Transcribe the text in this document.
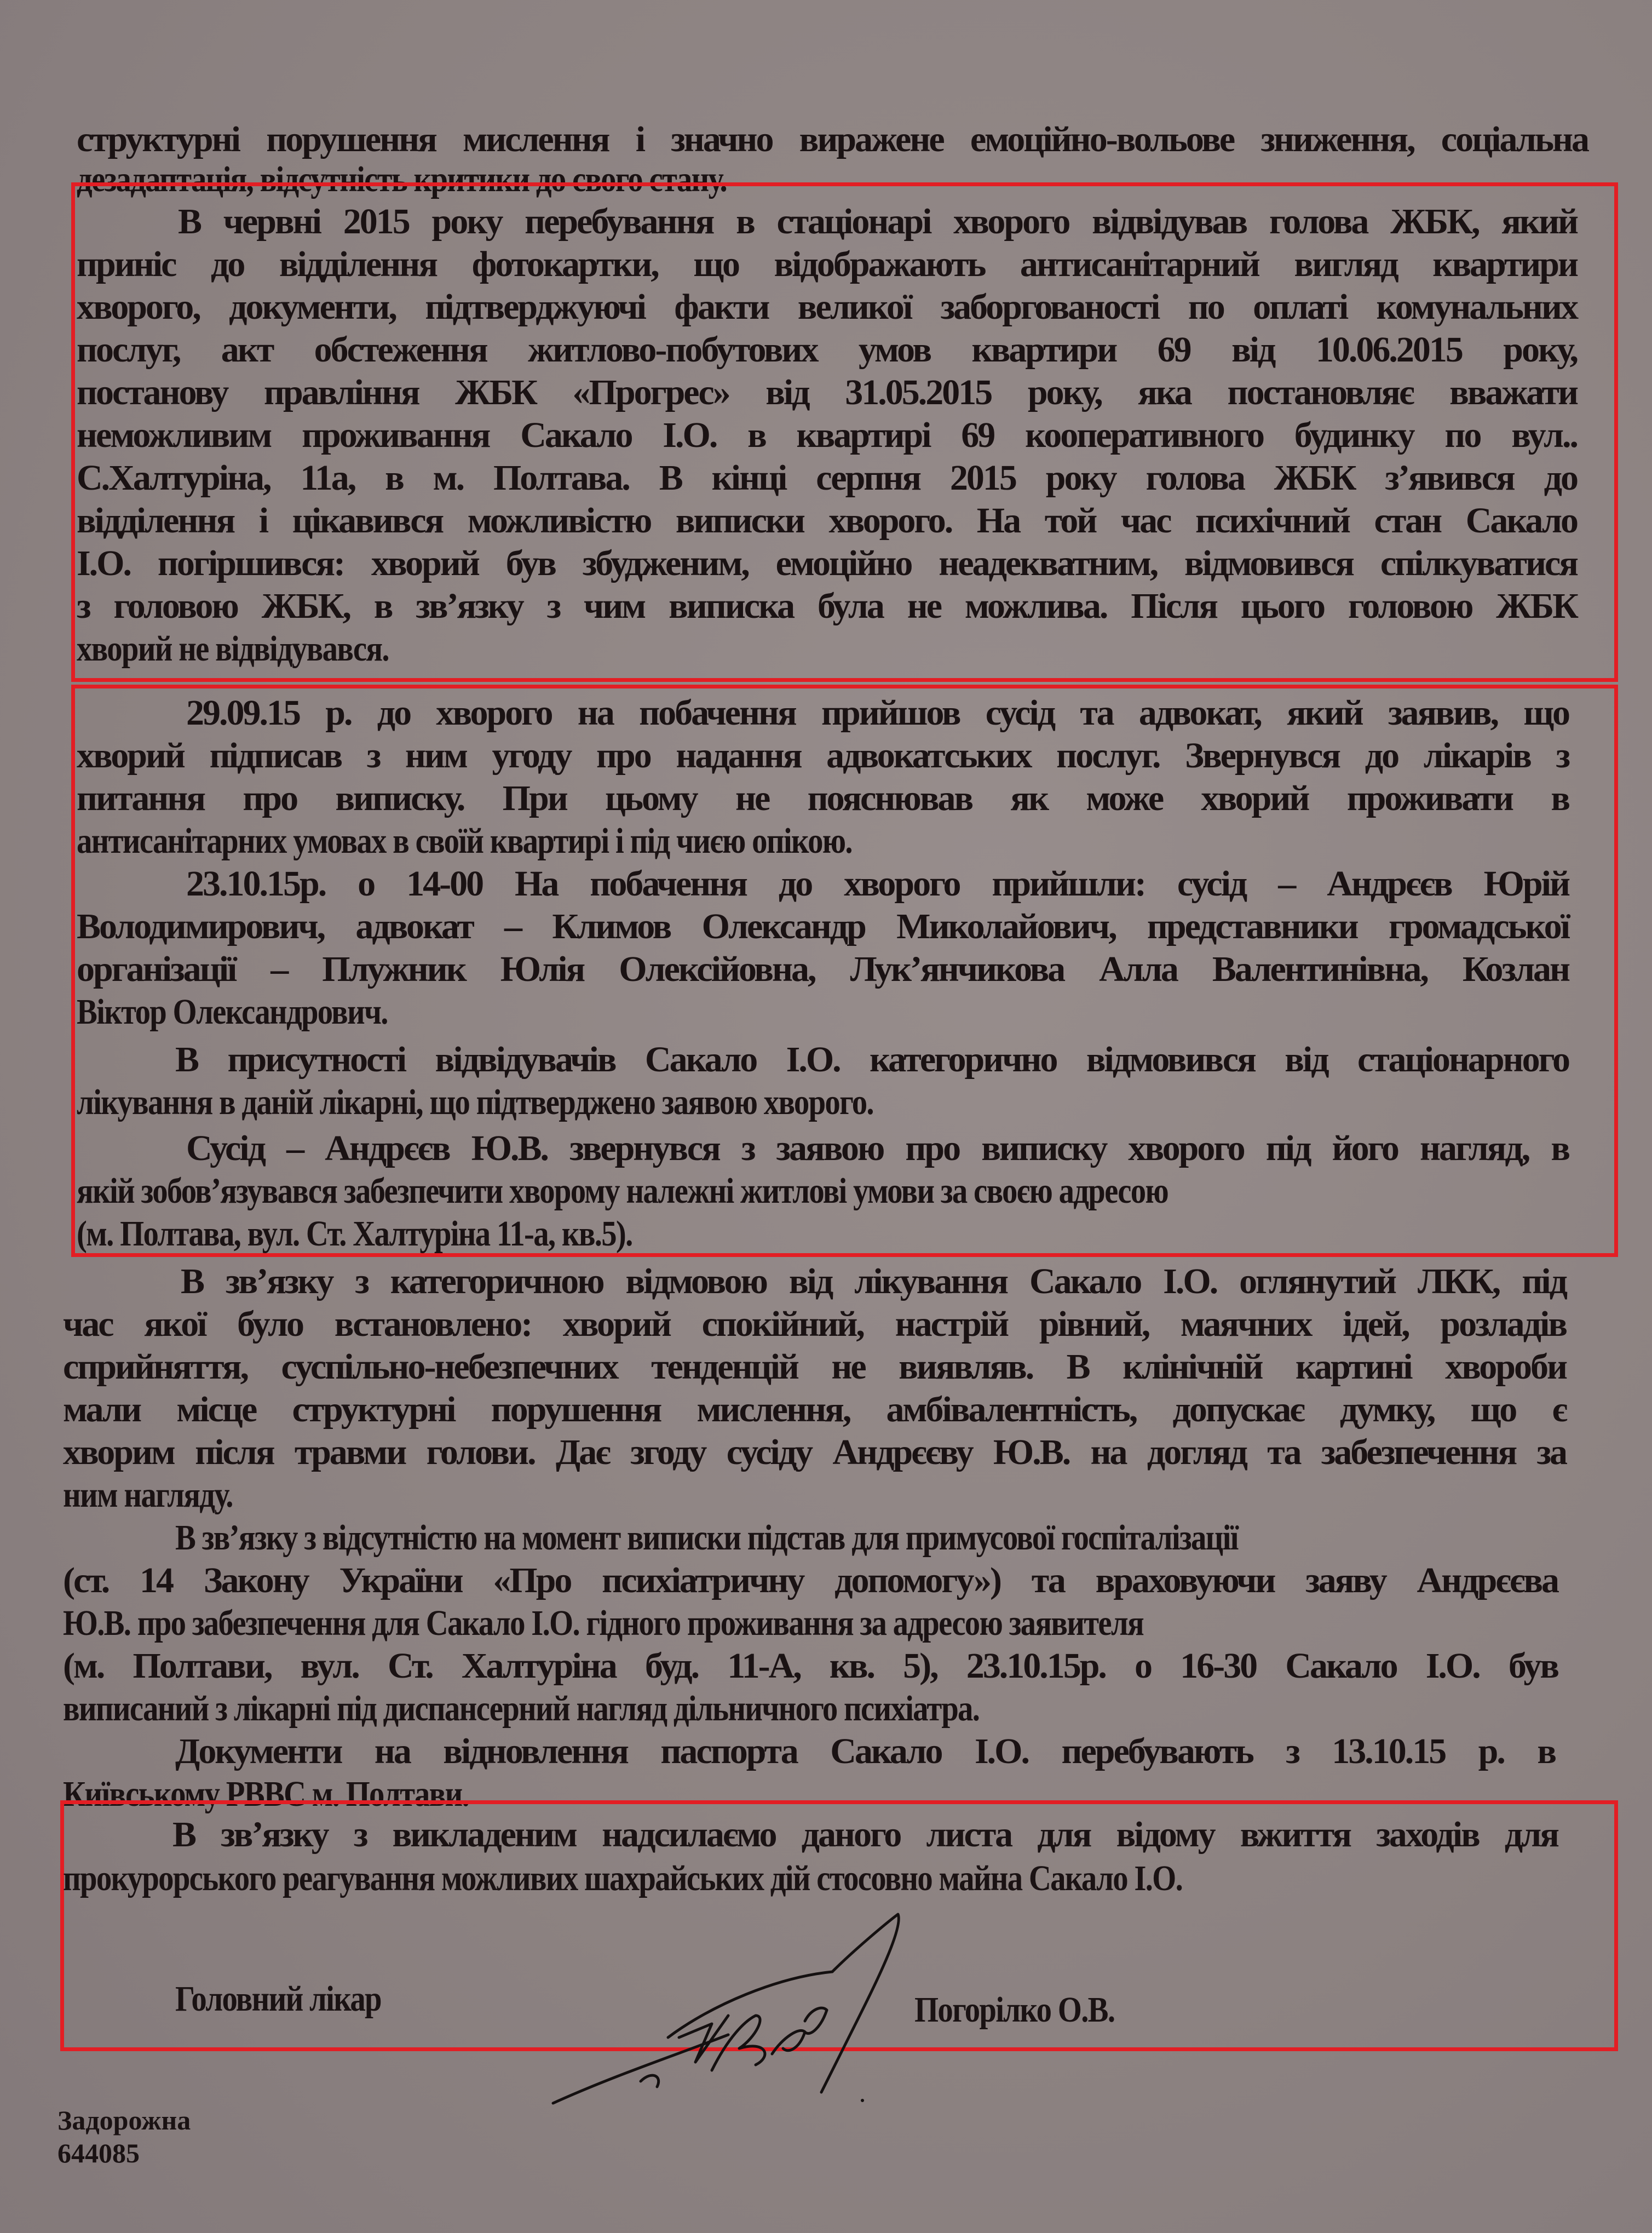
структурні порушення мислення і значно виражене емоційно-вольове зниження, соціальна
дезадаптація, відсутність критики до свого стану.
В червні 2015 року перебування в стаціонарі хворого відвідував голова ЖБК, який
приніс до відділення фотокартки, що відображають антисанітарний вигляд квартири
хворого, документи, підтверджуючі факти великої заборгованості по оплаті комунальних
послуг, акт обстеження житлово-побутових умов квартири 69 від 10.06.2015 року,
постанову правління ЖБК «Прогрес» від 31.05.2015 року, яка постановляє вважати
неможливим проживання Сакало І.О. в квартирі 69 кооперативного будинку по вул..
С.Халтуріна, 11а, в м. Полтава. В кінці серпня 2015 року голова ЖБК з’явився до
відділення і цікавився можливістю виписки хворого. На той час психічний стан Сакало
І.О. погіршився: хворий був збудженим, емоційно неадекватним, відмовився спілкуватися
з головою ЖБК, в зв’язку з чим виписка була не можлива. Після цього головою ЖБК
хворий не відвідувався.
29.09.15 р. до хворого на побачення прийшов сусід та адвокат, який заявив, що
хворий підписав з ним угоду про надання адвокатських послуг. Звернувся до лікарів з
питання про виписку. При цьому не пояснював як може хворий проживати в
антисанітарних умовах в своїй квартирі і під чиєю опікою.
23.10.15р. о 14-00 На побачення до хворого прийшли: сусід – Андрєєв Юрій
Володимирович, адвокат – Климов Олександр Миколайович, представники громадської
організації – Плужник Юлія Олексійовна, Лук’янчикова Алла Валентинівна, Козлан
Віктор Олександрович.
В присутності відвідувачів Сакало І.О. категорично відмовився від стаціонарного
лікування в даній лікарні, що підтверджено заявою хворого.
Сусід – Андрєєв Ю.В. звернувся з заявою про виписку хворого під його нагляд, в
якій зобов’язувався забезпечити хворому належні житлові умови за своєю адресою
(м. Полтава, вул. Ст. Халтуріна 11-а, кв.5).
В зв’язку з категоричною відмовою від лікування Сакало І.О. оглянутий ЛКК, під
час якої було встановлено: хворий спокійний, настрій рівний, маячних ідей, розладів
сприйняття, суспільно-небезпечних тенденцій не виявляв. В клінічній картині хвороби
мали місце структурні порушення мислення, амбівалентність, допускає думку, що є
хворим після травми голови. Дає згоду сусіду Андрєєву Ю.В. на догляд та забезпечення за
ним нагляду.
В зв’язку з відсутністю на момент виписки підстав для примусової госпіталізації
(ст. 14 Закону України «Про психіатричну допомогу») та враховуючи заяву Андрєєва
Ю.В. про забезпечення для Сакало І.О. гідного проживання за адресою заявителя
(м. Полтави, вул. Ст. Халтуріна буд. 11-А, кв. 5), 23.10.15р. о 16-30 Сакало І.О. був
виписаний з лікарні під диспансерний нагляд дільничного психіатра.
Документи на відновлення паспорта Сакало І.О. перебувають з 13.10.15 р. в
Київському РВВС м. Полтави.
В зв’язку з викладеним надсилаємо даного листа для відому вжиття заходів для
прокурорського реагування можливих шахрайських дій стосовно майна Сакало І.О.
Головний лікар	Погорілко О.В.
Задорожна
644085
